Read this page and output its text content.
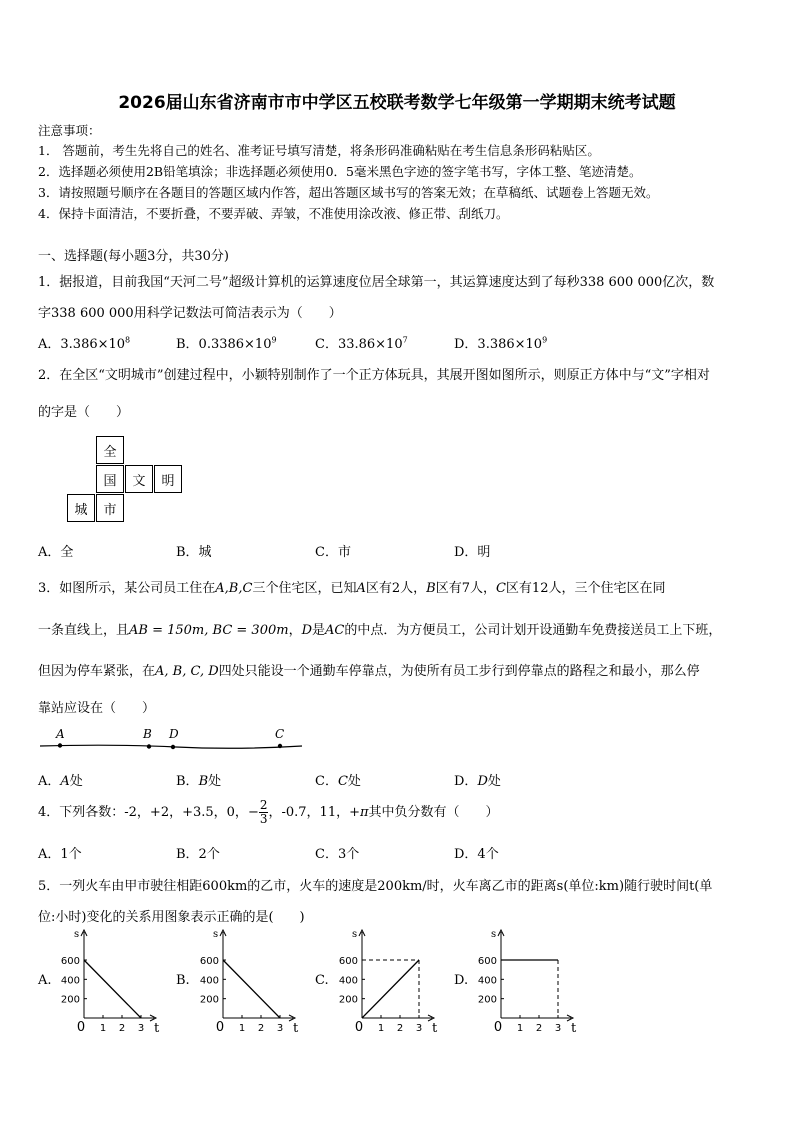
2026届山东省济南市市中学区五校联考数学七年级第一学期期末统考试题
注意事项：
1． 答题前，考生先将自己的姓名、准考证号填写清楚，将条形码准确粘贴在考生信息条形码粘贴区。
2．选择题必须使用2B铅笔填涂；非选择题必须使用0．5毫米黑色字迹的签字笔书写，字体工整、笔迹清楚。
3．请按照题号顺序在各题目的答题区域内作答，超出答题区域书写的答案无效；在草稿纸、试题卷上答题无效。
4．保持卡面清洁，不要折叠，不要弄破、弄皱，不准使用涂改液、修正带、刮纸刀。
一、选择题(每小题3分，共30分)
1．据报道，目前我国“天河二号”超级计算机的运算速度位居全球第一，其运算速度达到了每秒338 600 000亿次，数
字338 600 000用科学记数法可简洁表示为（　　）
A．$3.386\times 10^8$	B．$0.3386\times 10^9$	C．$33.86\times 10^7$	D．$3.386\times 10^9$
2．在全区“文明城市”创建过程中，小颖特别制作了一个正方体玩具，其展开图如图所示，则原正方体中与“文”字相对
的字是（　　）
全
国	文	明
城	市
A．全	B．城	C．市	D．明
3．如图所示，某公司员工住在A,B,C三个住宅区，已知A区有2人，B区有7人，C区有12人，三个住宅区在同
一条直线上，且AB = 150m, BC = 300m，D是AC的中点．为方便员工，公司计划开设通勤车免费接送员工上下班，
但因为停车紧张，在A, B, C, D四处只能设一个通勤车停靠点，为使所有员工步行到停靠点的路程之和最小，那么停
靠站应设在（　　）
A	B D	C
A．A处	B．B处	C．C处	D．D处
4．下列各数：-2，+2，+3.5，0，− $\frac{2}{3}$ ，-0.7，11，+π其中负分数有（　　）
A．1个	B．2个	C．3个	D．4个
5．一列火车由甲市驶往相距600km的乙市，火车的速度是200km/时，火车离乙市的距离s(单位:km)随行驶时间t(单
位:小时)变化的关系用图象表示正确的是(　　)
A.	B.	C.	D.
s
t
600
400
200
0 1 2 3
s
t
600
400
200
0 1 2 3
s
t
600
400
200
0 1 2 3
s
t
600
400
200
0 1 2 3
